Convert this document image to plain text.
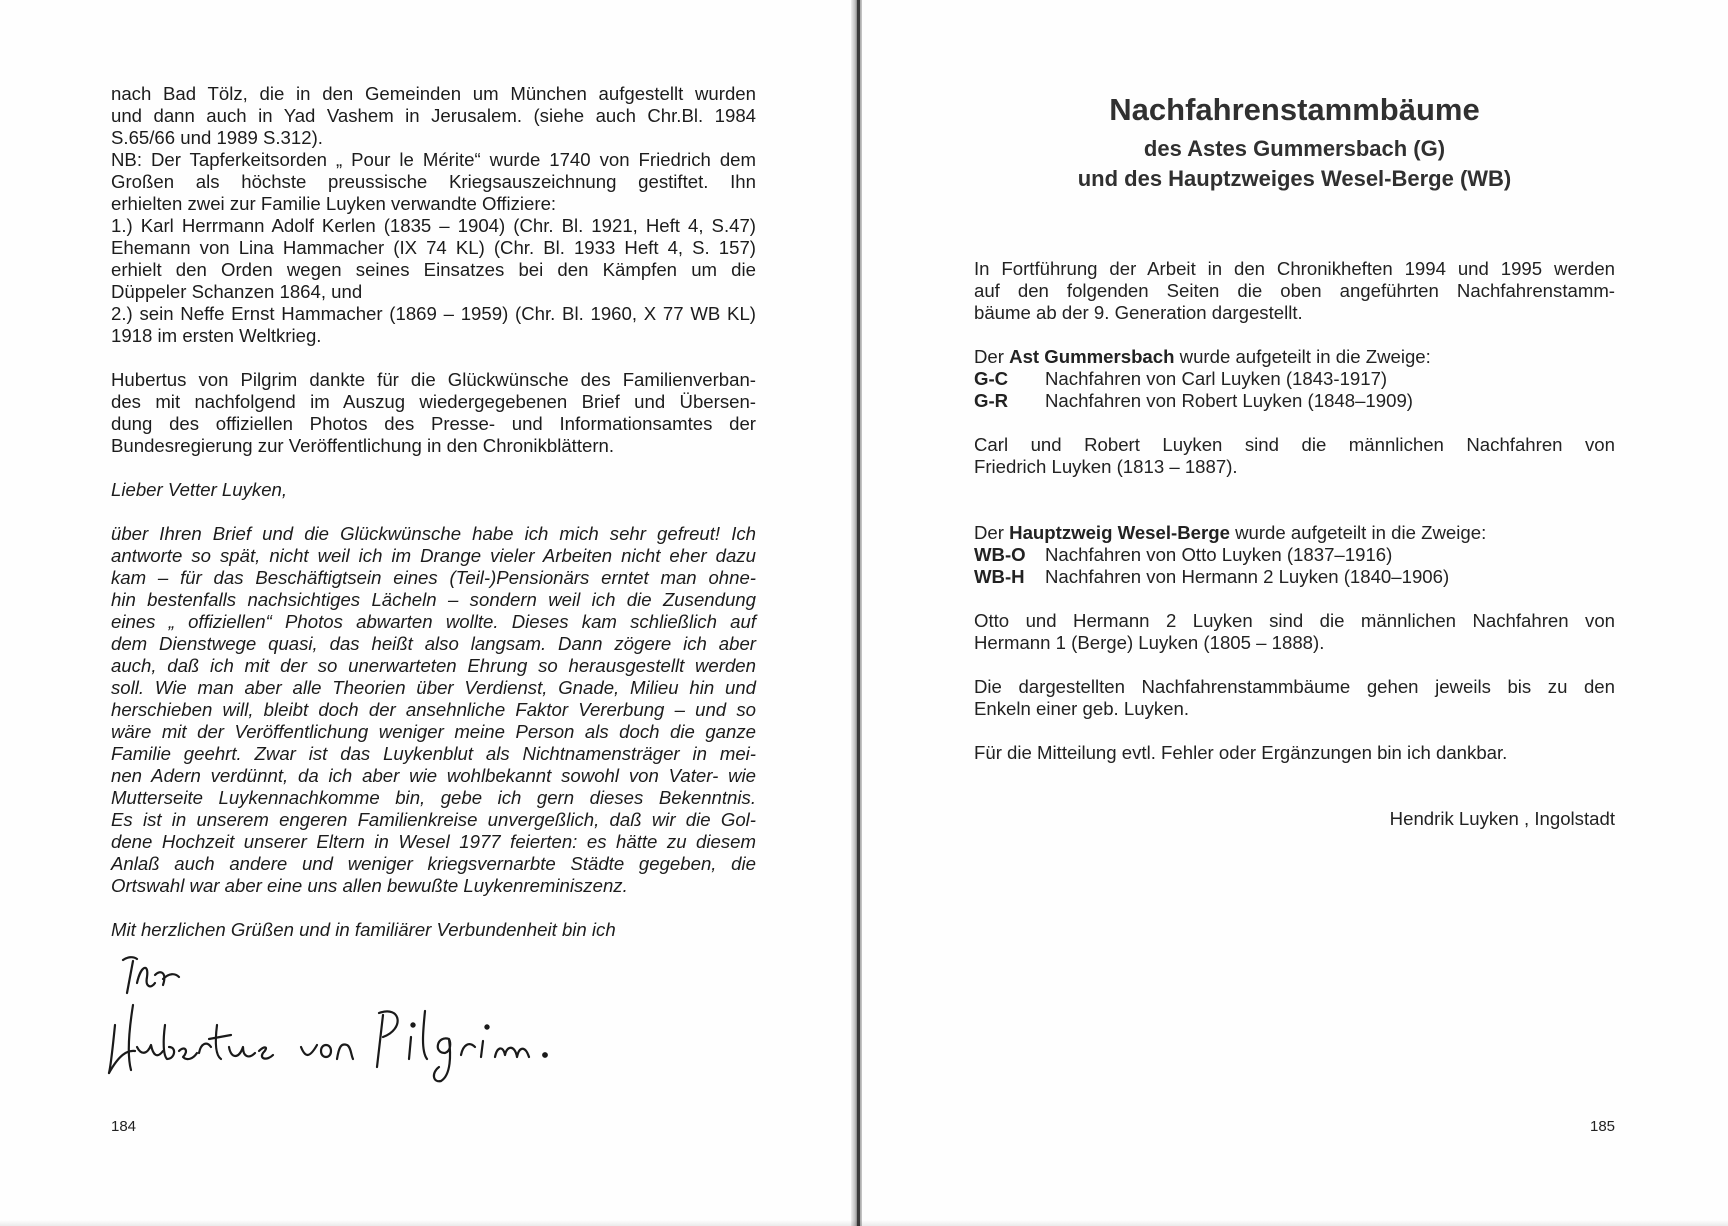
nach Bad Tölz, die in den Gemeinden um München aufgestellt wurden
und dann auch in Yad Vashem in Jerusalem. (siehe auch Chr.Bl. 1984
S.65/66 und 1989 S.312).
NB: Der Tapferkeitsorden „ Pour le Mérite“ wurde 1740 von Friedrich dem
Großen als höchste preussische Kriegsauszeichnung gestiftet. Ihn
erhielten zwei zur Familie Luyken verwandte Offiziere:
1.) Karl Herrmann Adolf Kerlen (1835 – 1904) (Chr. Bl. 1921, Heft 4, S.47)
Ehemann von Lina Hammacher (IX 74 KL) (Chr. Bl. 1933 Heft 4, S. 157)
erhielt den Orden wegen seines Einsatzes bei den Kämpfen um die
Düppeler Schanzen 1864, und
2.) sein Neffe Ernst Hammacher (1869 – 1959) (Chr. Bl. 1960, X 77 WB KL)
1918 im ersten Weltkrieg.
Hubertus von Pilgrim dankte für die Glückwünsche des Familienverban-
des mit nachfolgend im Auszug wiedergegebenen Brief und Übersen-
dung des offiziellen Photos des Presse- und Informationsamtes der
Bundesregierung zur Veröffentlichung in den Chronikblättern.
Lieber Vetter Luyken,
über Ihren Brief und die Glückwünsche habe ich mich sehr gefreut! Ich
antworte so spät, nicht weil ich im Drange vieler Arbeiten nicht eher dazu
kam – für das Beschäftigtsein eines (Teil-)Pensionärs erntet man ohne-
hin bestenfalls nachsichtiges Lächeln – sondern weil ich die Zusendung
eines „ offiziellen“ Photos abwarten wollte. Dieses kam schließlich auf
dem Dienstwege quasi, das heißt also langsam. Dann zögere ich aber
auch, daß ich mit der so unerwarteten Ehrung so herausgestellt werden
soll. Wie man aber alle Theorien über Verdienst, Gnade, Milieu hin und
herschieben will, bleibt doch der ansehnliche Faktor Vererbung – und so
wäre mit der Veröffentlichung weniger meine Person als doch die ganze
Familie geehrt. Zwar ist das Luykenblut als Nichtnamensträger in mei-
nen Adern verdünnt, da ich aber wie wohlbekannt sowohl von Vater- wie
Mutterseite Luykennachkomme bin, gebe ich gern dieses Bekenntnis.
Es ist in unserem engeren Familienkreise unvergeßlich, daß wir die Gol-
dene Hochzeit unserer Eltern in Wesel 1977 feierten: es hätte zu diesem
Anlaß auch andere und weniger kriegsvernarbte Städte gegeben, die
Ortswahl war aber eine uns allen bewußte Luykenreminiszenz.
Mit herzlichen Grüßen und in familiärer Verbundenheit bin ich
184
Nachfahrenstammbäume
des Astes Gummersbach (G)
und des Hauptzweiges Wesel-Berge (WB)
In Fortführung der Arbeit in den Chronikheften 1994 und 1995 werden
auf den folgenden Seiten die oben angeführten Nachfahrenstamm-
bäume ab der 9. Generation dargestellt.
Der Ast Gummersbach wurde aufgeteilt in die Zweige:
G-C Nachfahren von Carl Luyken (1843-1917)
G-R Nachfahren von Robert Luyken (1848–1909)
Carl und Robert Luyken sind die männlichen Nachfahren von
Friedrich Luyken (1813 – 1887).
Der Hauptzweig Wesel-Berge wurde aufgeteilt in die Zweige:
WB-O Nachfahren von Otto Luyken (1837–1916)
WB-H Nachfahren von Hermann 2 Luyken (1840–1906)
Otto und Hermann 2 Luyken sind die männlichen Nachfahren von
Hermann 1 (Berge) Luyken (1805 – 1888).
Die dargestellten Nachfahrenstammbäume gehen jeweils bis zu den
Enkeln einer geb. Luyken.
Für die Mitteilung evtl. Fehler oder Ergänzungen bin ich dankbar.
Hendrik Luyken , Ingolstadt
185
